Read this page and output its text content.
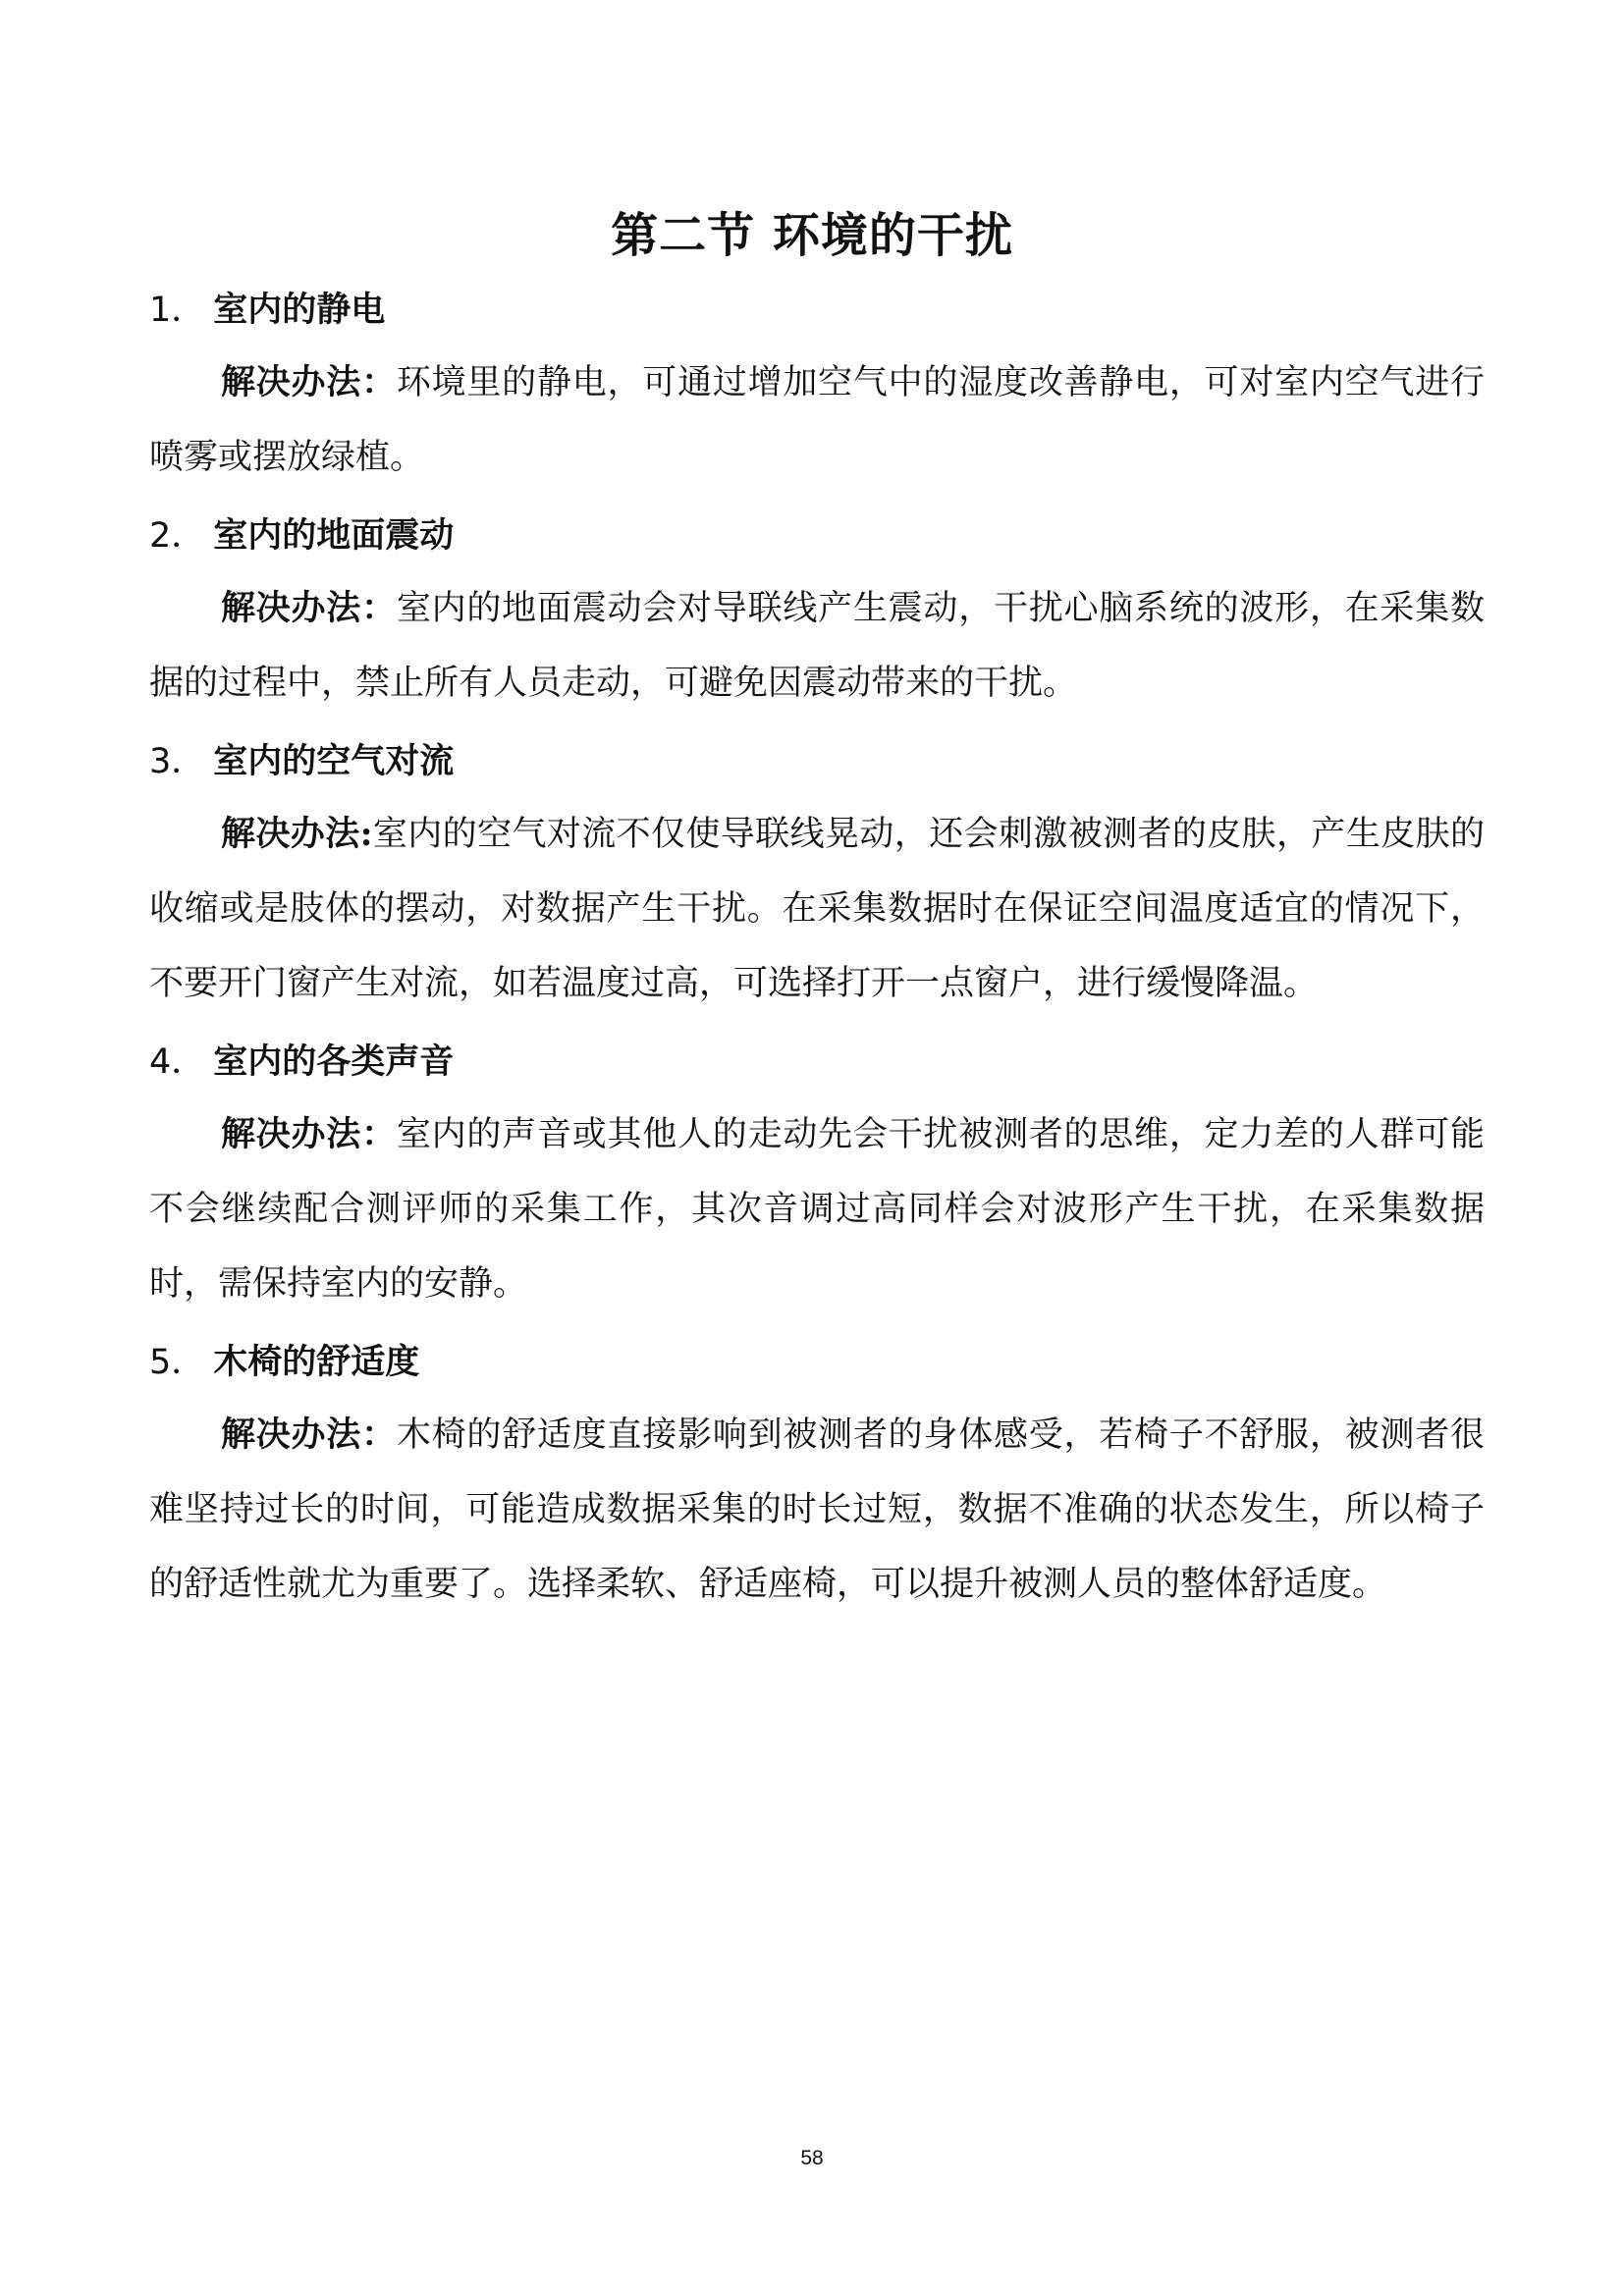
第二节 环境的干扰

1． 室内的静电

解决办法：环境里的静电，可通过增加空气中的湿度改善静电，可对室内空气进行喷雾或摆放绿植。

2． 室内的地面震动

解决办法：室内的地面震动会对导联线产生震动，干扰心脑系统的波形，在采集数据的过程中，禁止所有人员走动，可避免因震动带来的干扰。

3． 室内的空气对流

解决办法:室内的空气对流不仅使导联线晃动，还会刺激被测者的皮肤，产生皮肤的收缩或是肢体的摆动，对数据产生干扰。在采集数据时在保证空间温度适宜的情况下，不要开门窗产生对流，如若温度过高，可选择打开一点窗户，进行缓慢降温。

4． 室内的各类声音

解决办法：室内的声音或其他人的走动先会干扰被测者的思维，定力差的人群可能不会继续配合测评师的采集工作，其次音调过高同样会对波形产生干扰，在采集数据时，需保持室内的安静。

5． 木椅的舒适度

解决办法：木椅的舒适度直接影响到被测者的身体感受，若椅子不舒服，被测者很难坚持过长的时间，可能造成数据采集的时长过短，数据不准确的状态发生，所以椅子的舒适性就尤为重要了。选择柔软、舒适座椅，可以提升被测人员的整体舒适度。

58
